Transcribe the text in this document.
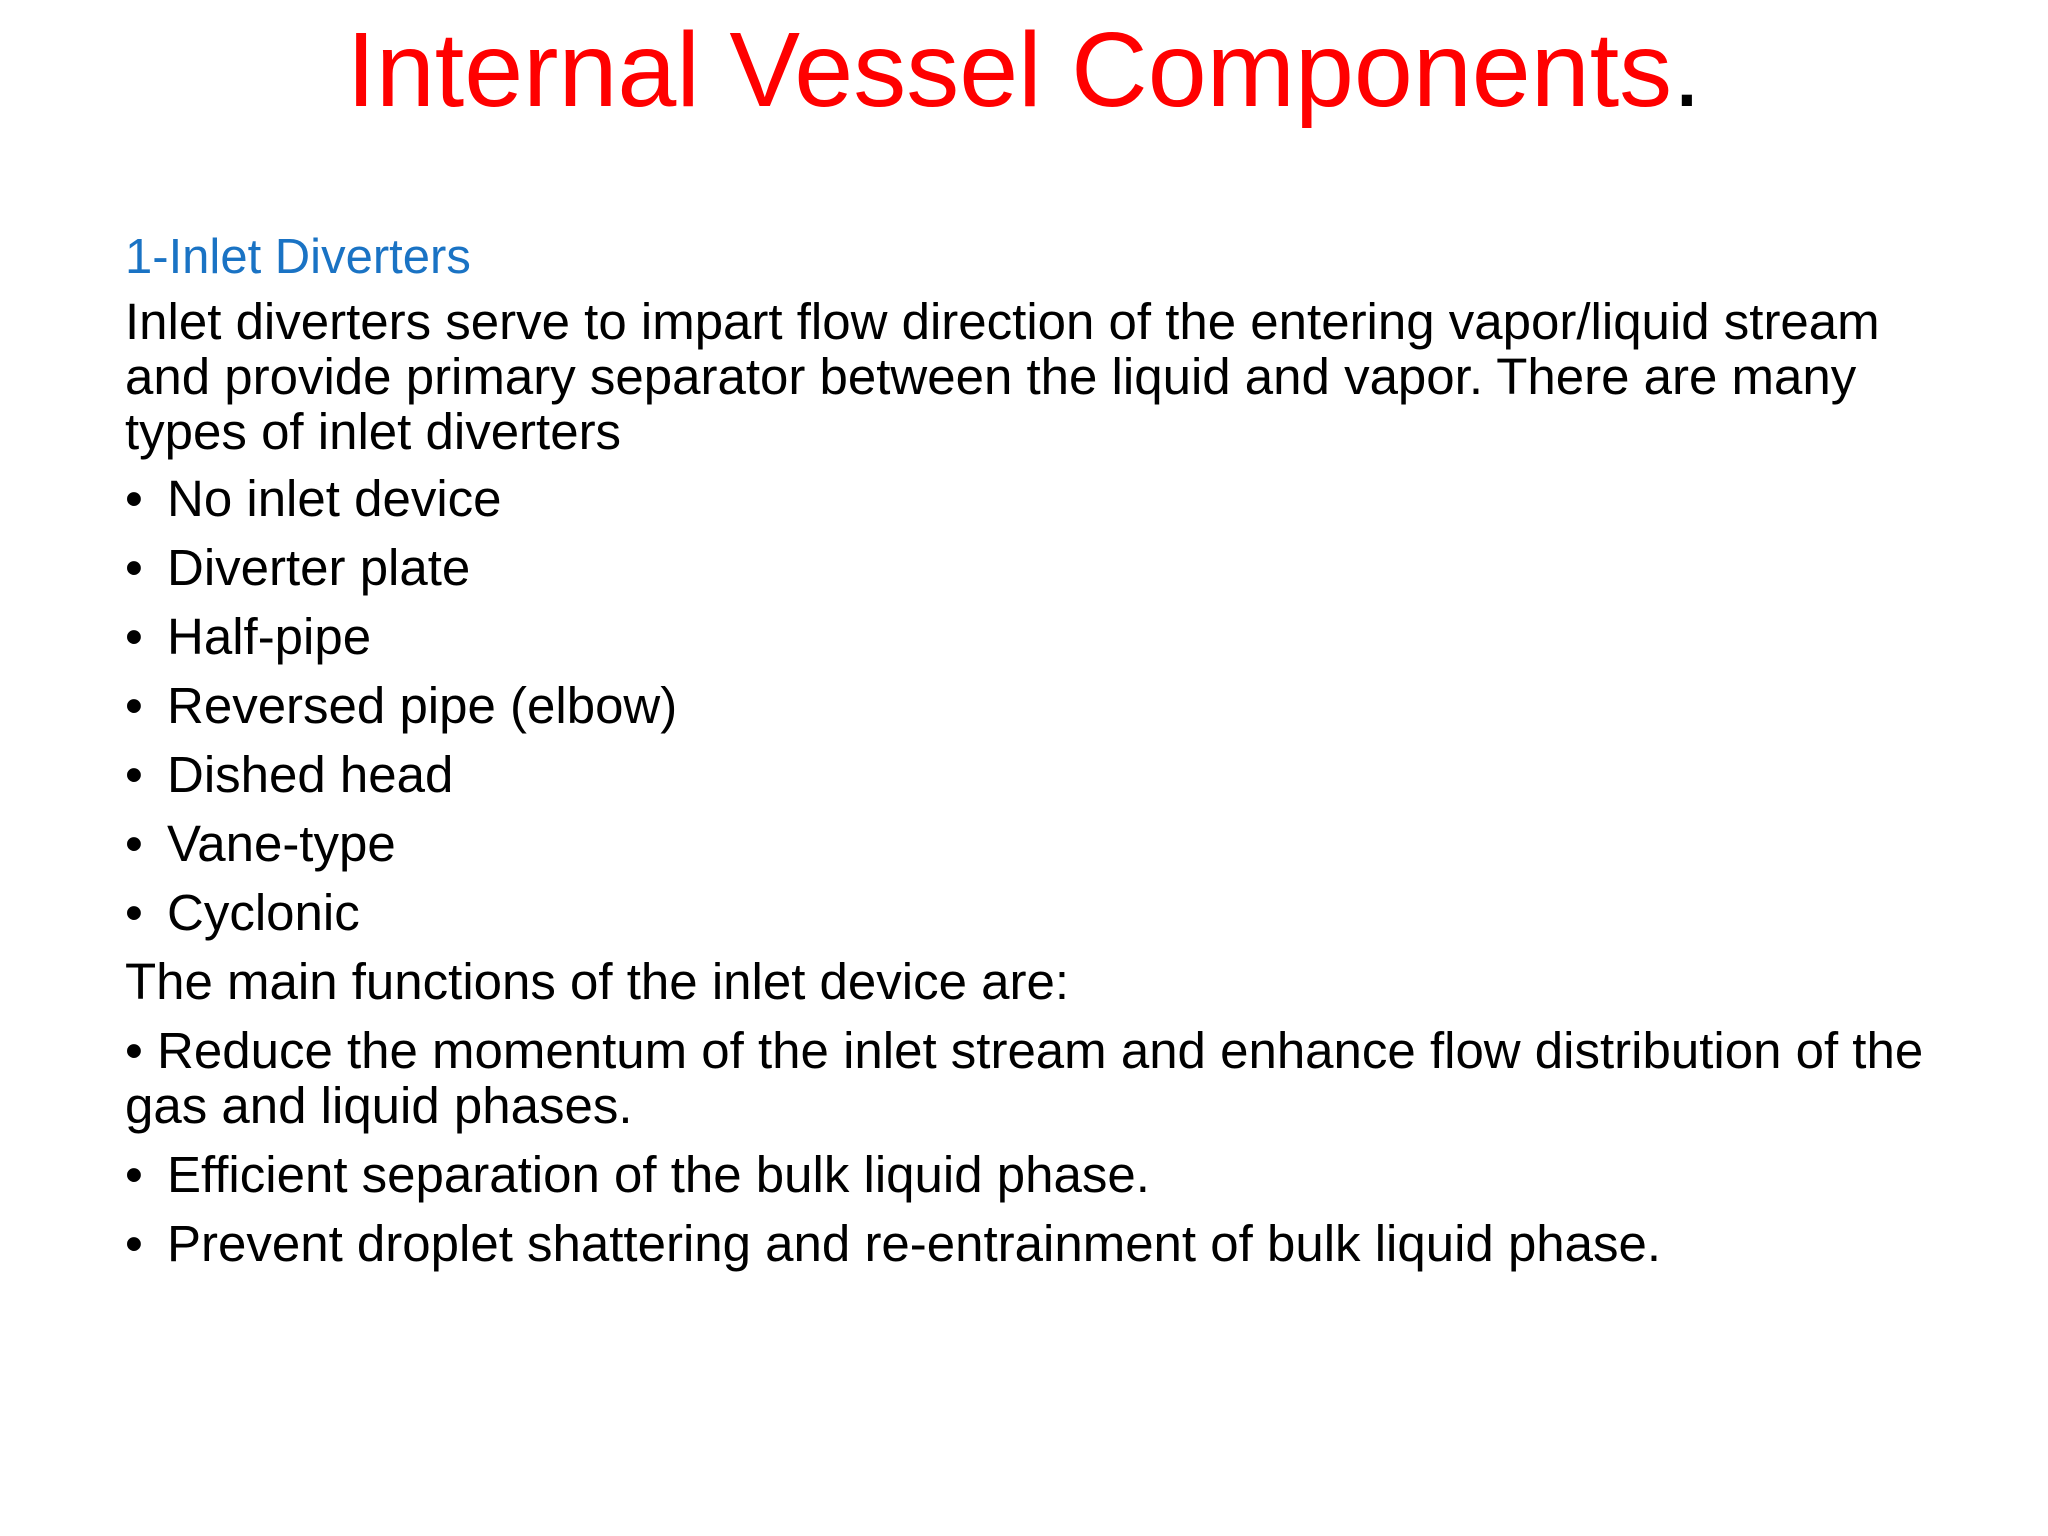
Internal Vessel Components.
1-Inlet Diverters
Inlet diverters serve to impart flow direction of the entering vapor/liquid stream and provide primary separator between the liquid and vapor. There are many types of inlet diverters
• No inlet device
• Diverter plate
• Half-pipe
• Reversed pipe (elbow)
• Dished head
• Vane-type
• Cyclonic
The main functions of the inlet device are:
• Reduce the momentum of the inlet stream and enhance flow distribution of the gas and liquid phases.
• Efficient separation of the bulk liquid phase.
• Prevent droplet shattering and re-entrainment of bulk liquid phase.
